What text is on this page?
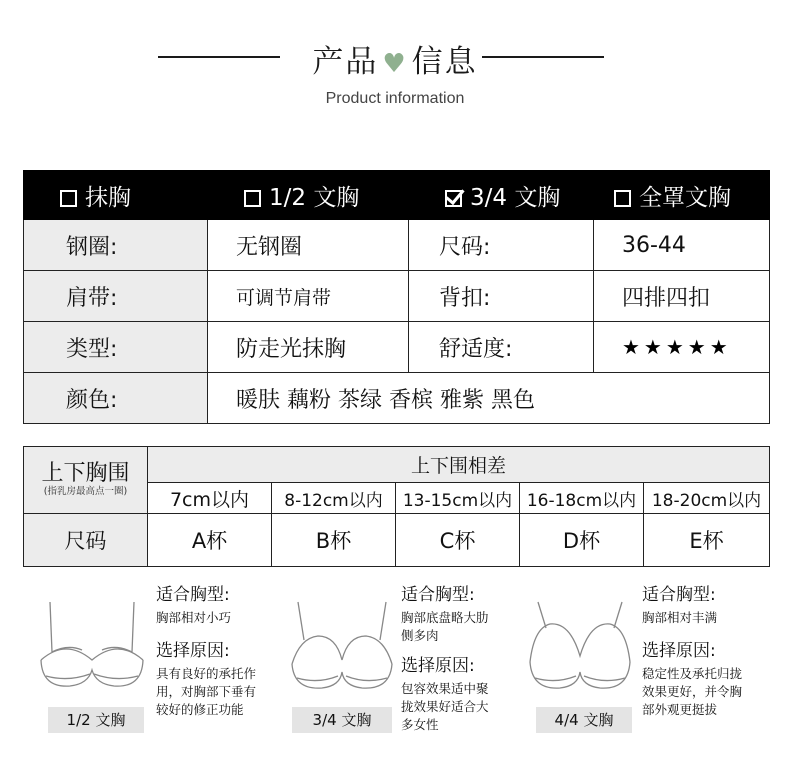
产品 ♥ 信息
Product information
抹胸	1/2 文胸	3/4 文胸	全罩文胸
钢圈:	无钢圈	尺码:	36-44
肩带:	可调节肩带	背扣:	四排四扣
类型:	防走光抹胸	舒适度:	★★★★★
颜色:	暖肤 藕粉 茶绿 香槟 雅紫 黑色		
上下胸围
(指乳房最高点一圈)	上下围相差				
	7cm以内	8-12cm以内	13-15cm以内	16-18cm以内	18-20cm以内
尺码	A杯	B杯	C杯	D杯	E杯
1/2 文胸
适合胸型:
胸部相对小巧
选择原因:
具有良好的承托作用，对胸部下垂有较好的修正功能
3/4 文胸
适合胸型:
胸部底盘略大肋侧多肉
选择原因:
包容效果适中聚拢效果好适合大多女性	4/4 文胸
适合胸型:
胸部相对丰满
选择原因:
稳定性及承托归拢效果更好，并令胸部外观更挺拔
